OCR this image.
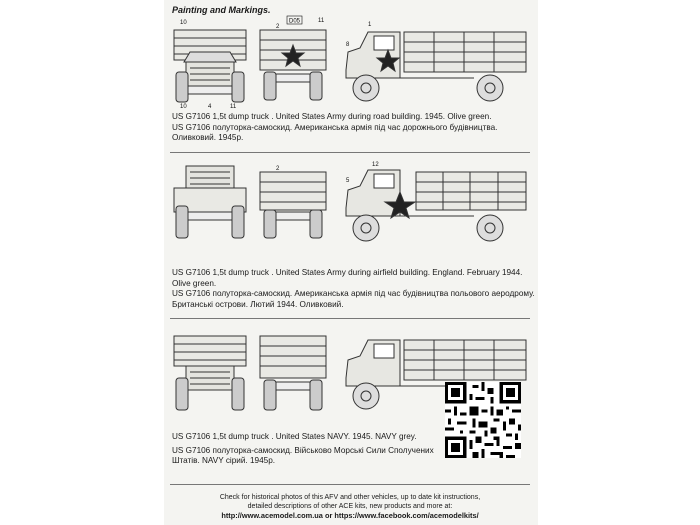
Painting and Markings.
10	D05	11
1
2
8
10	4	11
US G7106 1,5t dump truck . United States Army during road building. 1945. Olive green.
US G7106 полуторка-самоскид. Американська армія під час дорожнього будівництва.
Оливковий. 1945р.
2
12
5
US G7106 1,5t dump truck . United States Army during airfield building. England. February 1944.
Olive green.
US G7106 полуторка-самоскид. Американська армія під час будівництва польового аеродрому.
Британські острови. Лютий 1944. Оливковий.
US G7106 1,5t dump truck . United States NAVY. 1945. NAVY grey.
US G7106 полуторка-самоскид. Військово Морські Сили Сполучених
Штатів. NAVY сірий. 1945р.
Check for historical photos of this AFV and other vehicles, up to date kit instructions,
detailed descriptions of other ACE kits, new products and more at:
http://www.acemodel.com.ua or https://www.facebook.com/acemodelkits/
